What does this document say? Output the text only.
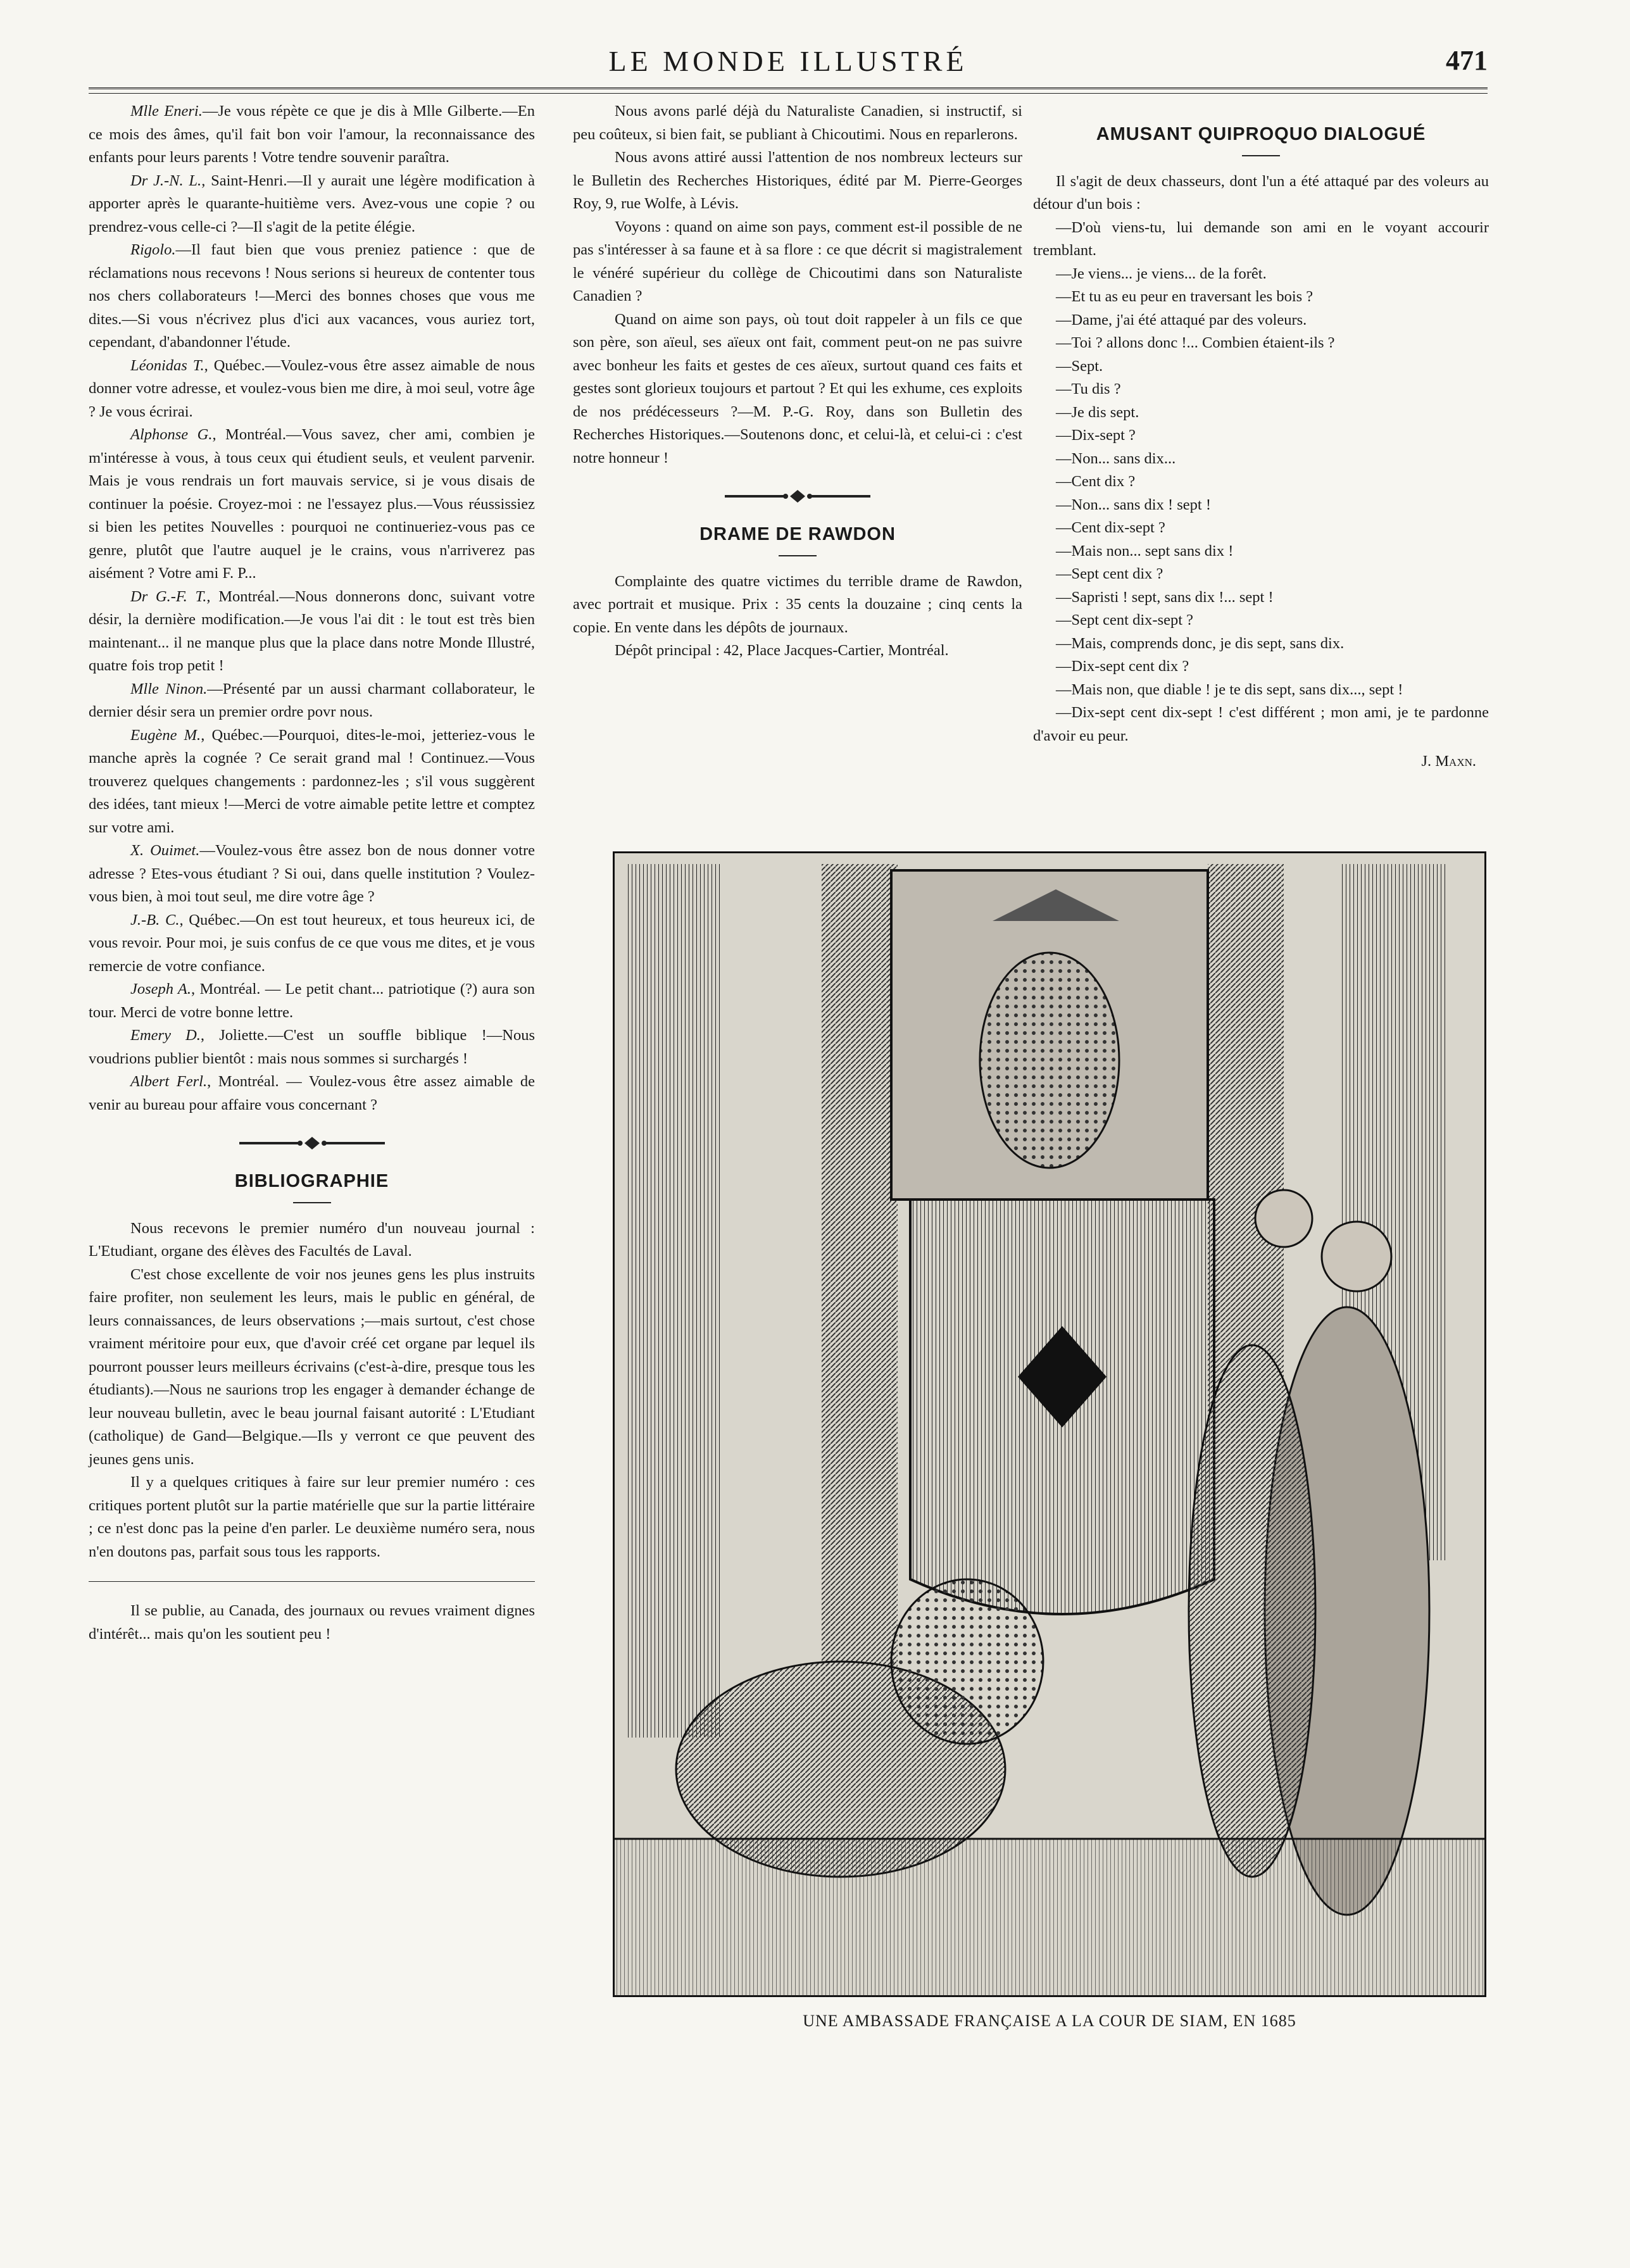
LE MONDE ILLUSTRÉ	471

Mlle Eneri.—Je vous répète ce que je dis à Mlle Gilberte.—En ce mois des âmes, qu'il fait bon voir l'amour, la reconnaissance des enfants pour leurs parents ! Votre tendre souvenir paraîtra.

Dr J.-N. L., Saint-Henri.—Il y aurait une légère modification à apporter après le quarante-huitième vers. Avez-vous une copie ? ou prendrez-vous celle-ci ?—Il s'agit de la petite élégie.

Rigolo.—Il faut bien que vous preniez patience : que de réclamations nous recevons ! Nous serions si heureux de contenter tous nos chers collaborateurs !—Merci des bonnes choses que vous me dites.—Si vous n'écrivez plus d'ici aux vacances, vous auriez tort, cependant, d'abandonner l'étude.

Léonidas T., Québec.—Voulez-vous être assez aimable de nous donner votre adresse, et voulez-vous bien me dire, à moi seul, votre âge ? Je vous écrirai.

Alphonse G., Montréal.—Vous savez, cher ami, combien je m'intéresse à vous, à tous ceux qui étudient seuls, et veulent parvenir. Mais je vous rendrais un fort mauvais service, si je vous disais de continuer la poésie. Croyez-moi : ne l'essayez plus.—Vous réussissiez si bien les petites Nouvelles : pourquoi ne continueriez-vous pas ce genre, plutôt que l'autre auquel je le crains, vous n'arriverez pas aisément ? Votre ami F. P...

Dr G.-F. T., Montréal.—Nous donnerons donc, suivant votre désir, la dernière modification.—Je vous l'ai dit : le tout est très bien maintenant... il ne manque plus que la place dans notre Monde Illustré, quatre fois trop petit !

Mlle Ninon.—Présenté par un aussi charmant collaborateur, le dernier désir sera un premier ordre povr nous.

Eugène M., Québec.—Pourquoi, dites-le-moi, jetteriez-vous le manche après la cognée ? Ce serait grand mal ! Continuez.—Vous trouverez quelques changements : pardonnez-les ; s'il vous suggèrent des idées, tant mieux !—Merci de votre aimable petite lettre et comptez sur votre ami.

X. Ouimet.—Voulez-vous être assez bon de nous donner votre adresse ? Etes-vous étudiant ? Si oui, dans quelle institution ? Voulez-vous bien, à moi tout seul, me dire votre âge ?

J.-B. C., Québec.—On est tout heureux, et tous heureux ici, de vous revoir. Pour moi, je suis confus de ce que vous me dites, et je vous remercie de votre confiance.

Joseph A., Montréal. — Le petit chant... patriotique (?) aura son tour. Merci de votre bonne lettre.

Emery D., Joliette.—C'est un souffle biblique !—Nous voudrions publier bientôt : mais nous sommes si surchargés !

Albert Ferl., Montréal. — Voulez-vous être assez aimable de venir au bureau pour affaire vous concernant ?

BIBLIOGRAPHIE

Nous recevons le premier numéro d'un nouveau journal : L'Etudiant, organe des élèves des Facultés de Laval.

C'est chose excellente de voir nos jeunes gens les plus instruits faire profiter, non seulement les leurs, mais le public en général, de leurs connaissances, de leurs observations ;—mais surtout, c'est chose vraiment méritoire pour eux, que d'avoir créé cet organe par lequel ils pourront pousser leurs meilleurs écrivains (c'est-à-dire, presque tous les étudiants).—Nous ne saurions trop les engager à demander échange de leur nouveau bulletin, avec le beau journal faisant autorité : L'Etudiant (catholique) de Gand—Belgique.—Ils y verront ce que peuvent des jeunes gens unis.

Il y a quelques critiques à faire sur leur premier numéro : ces critiques portent plutôt sur la partie matérielle que sur la partie littéraire ; ce n'est donc pas la peine d'en parler. Le deuxième numéro sera, nous n'en doutons pas, parfait sous tous les rapports.

Il se publie, au Canada, des journaux ou revues vraiment dignes d'intérêt... mais qu'on les soutient peu !

Nous avons parlé déjà du Naturaliste Canadien, si instructif, si peu coûteux, si bien fait, se publiant à Chicoutimi. Nous en reparlerons.

Nous avons attiré aussi l'attention de nos nombreux lecteurs sur le Bulletin des Recherches Historiques, édité par M. Pierre-Georges Roy, 9, rue Wolfe, à Lévis.

Voyons : quand on aime son pays, comment est-il possible de ne pas s'intéresser à sa faune et à sa flore : ce que décrit si magistralement le vénéré supérieur du collège de Chicoutimi dans son Naturaliste Canadien ?

Quand on aime son pays, où tout doit rappeler à un fils ce que son père, son aïeul, ses aïeux ont fait, comment peut-on ne pas suivre avec bonheur les faits et gestes de ces aïeux, surtout quand ces faits et gestes sont glorieux toujours et partout ? Et qui les exhume, ces exploits de nos prédécesseurs ?—M. P.-G. Roy, dans son Bulletin des Recherches Historiques.—Soutenons donc, et celui-là, et celui-ci : c'est notre honneur !

DRAME DE RAWDON

Complainte des quatre victimes du terrible drame de Rawdon, avec portrait et musique. Prix : 35 cents la douzaine ; cinq cents la copie. En vente dans les dépôts de journaux.

Dépôt principal : 42, Place Jacques-Cartier, Montréal.

AMUSANT QUIPROQUO DIALOGUÉ

Il s'agit de deux chasseurs, dont l'un a été attaqué par des voleurs au détour d'un bois :

—D'où viens-tu, lui demande son ami en le voyant accourir tremblant.

—Je viens... je viens... de la forêt.

—Et tu as eu peur en traversant les bois ?

—Dame, j'ai été attaqué par des voleurs.

—Toi ? allons donc !... Combien étaient-ils ?

—Sept.

—Tu dis ?

—Je dis sept.

—Dix-sept ?

—Non... sans dix...

—Cent dix ?

—Non... sans dix ! sept !

—Cent dix-sept ?

—Mais non... sept sans dix !

—Sept cent dix ?

—Sapristi ! sept, sans dix !... sept !

—Sept cent dix-sept ?

—Mais, comprends donc, je dis sept, sans dix.

—Dix-sept cent dix ?

—Mais non, que diable ! je te dis sept, sans dix..., sept !

—Dix-sept cent dix-sept ! c'est différent ; mon ami, je te pardonne d'avoir eu peur.

J. Maxn.
UNE AMBASSADE FRANÇAISE A LA COUR DE SIAM, EN 1685
